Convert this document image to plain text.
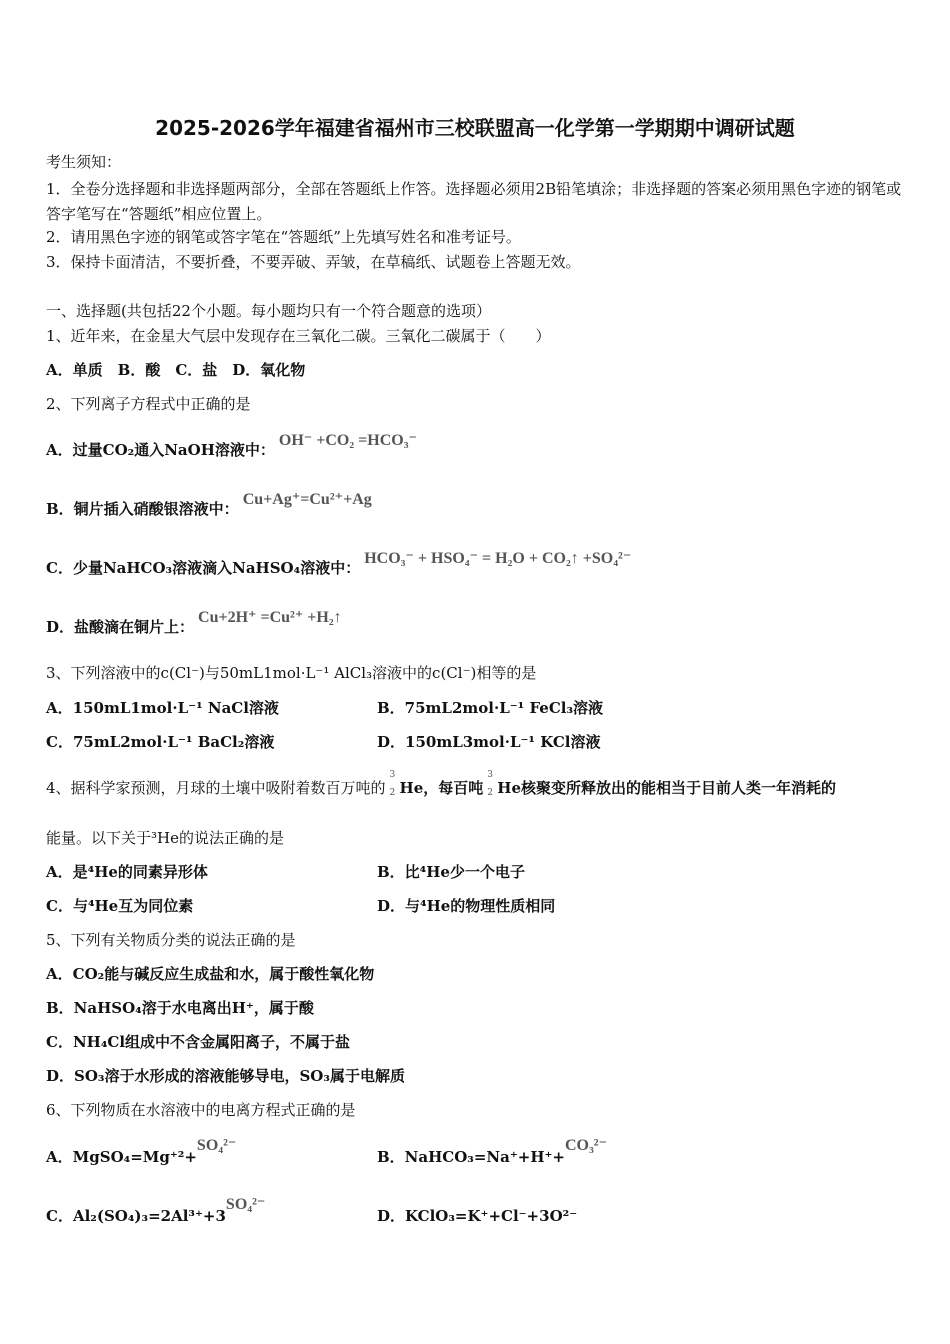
2025-2026学年福建省福州市三校联盟高一化学第一学期期中调研试题
考生须知：
1．全卷分选择题和非选择题两部分，全部在答题纸上作答。选择题必须用2B铅笔填涂；非选择题的答案必须用黑色字迹的钢笔或答字笔写在“答题纸”相应位置上。
2．请用黑色字迹的钢笔或答字笔在“答题纸”上先填写姓名和准考证号。
3．保持卡面清洁，不要折叠，不要弄破、弄皱，在草稿纸、试题卷上答题无效。
一、选择题(共包括22个小题。每小题均只有一个符合题意的选项）
1、近年来，在金星大气层中发现存在三氧化二碳。三氧化二碳属于（　　）
A．单质　B．酸　C．盐　D．氧化物
2、下列离子方程式中正确的是
A．过量CO₂通入NaOH溶液中：OH⁻ +CO₂ =HCO₃⁻
B．铜片插入硝酸银溶液中：Cu+Ag⁺=Cu²⁺+Ag
C．少量NaHCO₃溶液滴入NaHSO₄溶液中：HCO₃⁻ + HSO₄⁻ = H₂O + CO₂↑ +SO₄²⁻
D．盐酸滴在铜片上：Cu+2H⁺ =Cu²⁺ +H₂↑
3、下列溶液中的c(Cl⁻)与50mL1mol·L⁻¹ AlCl₃溶液中的c(Cl⁻)相等的是
A．150mL1mol·L⁻¹ NaCl溶液	B．75mL2mol·L⁻¹ FeCl₃溶液
C．75mL2mol·L⁻¹ BaCl₂溶液	D．150mL3mol·L⁻¹ KCl溶液
4、据科学家预测，月球的土壤中吸附着数百万吨的
3
2 He，每百吨
3
2 He核聚变所释放出的能相当于目前人类一年消耗的
能量。以下关于³He的说法正确的是
A．是⁴He的同素异形体	B．比⁴He少一个电子
C．与⁴He互为同位素	D．与⁴He的物理性质相同
5、下列有关物质分类的说法正确的是
A．CO₂能与碱反应生成盐和水，属于酸性氧化物
B．NaHSO₄溶于水电离出H⁺，属于酸
C．NH₄Cl组成中不含金属阳离子，不属于盐
D．SO₃溶于水形成的溶液能够导电，SO₃属于电解质
6、下列物质在水溶液中的电离方程式正确的是
A．MgSO₄=Mg⁺²+SO₄²⁻
B．NaHCO₃=Na⁺+H⁺+CO₃²⁻
C．Al₂(SO₄)₃=2Al³⁺+3SO₄²⁻
D．KClO₃=K⁺+Cl⁻+3O²⁻
